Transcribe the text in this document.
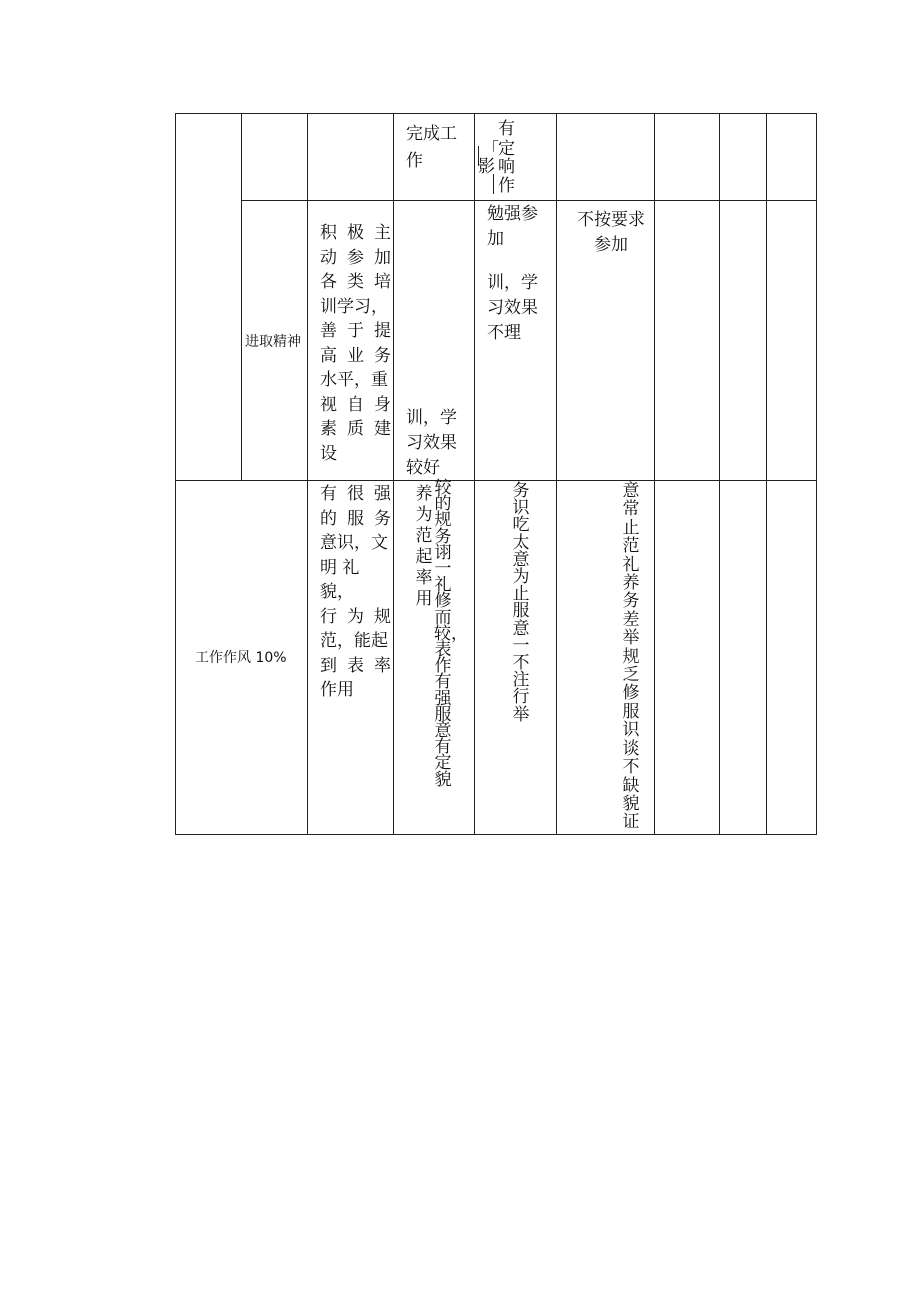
完成工作
有
定
「
影 响
作
进取精神
积 极 主
动 参 加
各 类 培
训学习，
善 于 提
高 业 务
水平，重
视 自 身
素 质 建
设
训，学
习效果
较好
勉强参
加
训，学
习效果
不理
不按要求
参加
工作作风 10%
有 很 强
的 服 务
意识，文
明 礼 貌，
行 为 规
范，能起
到 表 率
作用
养为范起率用
较的规务诩一礼修而较，表作有强服意有定貌
务识吃太意为止服意一不注行举
意常止范礼养务差举规乏修服识谈不缺貌证
